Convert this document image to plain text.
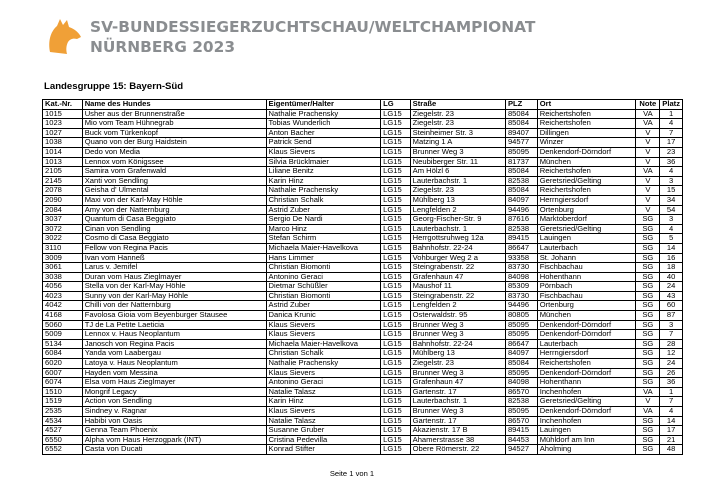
SV-BUNDESSIEGERZUCHTSCHAU/WELTCHAMPIONAT
NÜRNBERG 2023
Landesgruppe 15: Bayern-Süd
Kat.-Nr.	Name des Hundes	Eigentümer/Halter	LG	Straße	PLZ	Ort	Note	Platz
1015	Usher aus der Brunnenstraße	Nathalie Prachensky	LG15	Ziegelstr. 23	85084	Reichertshofen	VA	1
1023	Mio vom Team Hühnegrab	Tobias Wunderlich	LG15	Ziegelstr. 23	85084	Reichertshofen	VA	4
1027	Buck vom Türkenkopf	Anton Bacher	LG15	Steinheimer Str. 3	89407	Dillingen	V	7
1038	Quano von der Burg Haidstein	Patrick Send	LG15	Matzing 1 A	94577	Winzer	V	17
1014	Dedo von Media	Klaus Sievers	LG15	Brunner Weg 3	85095	Denkendorf-Dörndorf	V	23
1013	Lennox vom Königssee	Silvia Brücklmaier	LG15	Neubiberger Str. 11	81737	München	V	36
2105	Samira vom Grafenwald	Liliane Benitz	LG15	Am Hölzl 6	85084	Reichertshofen	VA	4
2145	Xanti von Sendling	Karin Hinz	LG15	Lauterbachstr. 1	82538	Geretsried/Gelting	V	3
2078	Geisha d' Ulmental	Nathalie Prachensky	LG15	Ziegelstr. 23	85084	Reichertshofen	V	15
2090	Maxi von der Karl-May Höhle	Christian Schalk	LG15	Mühlberg 13	84097	Herrngiersdorf	V	34
2084	Amy von der Natternburg	Astrid Zuber	LG15	Lengfelden 2	94496	Ortenburg	V	54
3037	Quantum di Casa Beggiato	Sergio De Nardi	LG15	Georg-Fischer-Str. 9	87616	Marktoberdorf	SG	3
3072	Cinan von Sendling	Marco Hinz	LG15	Lauterbachstr. 1	82538	Geretsried/Gelting	SG	4
3022	Cosmo di Casa Beggiato	Stefan Schirm	LG15	Herrgottsruhweg 12a	89415	Lauingen	SG	5
3110	Fellow von Regina Pacis	Michaela Maier-Havelkova	LG15	Bahnhofstr. 22-24	86647	Lauterbach	SG	14
3009	Ivan vom Hanneß	Hans Limmer	LG15	Vohburger Weg 2 a	93358	St. Johann	SG	16
3061	Larus v. Jemifel	Christian Biomonti	LG15	Steingrabenstr. 22	83730	Fischbachau	SG	18
3038	Duran vom Haus Zieglmayer	Antonino Geraci	LG15	Grafenhaun 47	84098	Hohenthann	SG	40
4056	Stella von der Karl-May Höhle	Dietmar Schüßler	LG15	Maushof 11	85309	Pörnbach	SG	24
4023	Sunny von der Karl-May Höhle	Christian Biomonti	LG15	Steingrabenstr. 22	83730	Fischbachau	SG	43
4042	Chilli von der Natternburg	Astrid Zuber	LG15	Lengfelden 2	94496	Ortenburg	SG	60
4168	Favolosa Gioia vom Beyenburger Stausee	Danica Krunic	LG15	Osterwaldstr. 95	80805	München	SG	87
5060	TJ de La Petite Laeticia	Klaus Sievers	LG15	Brunner Weg 3	85095	Denkendorf-Dörndorf	SG	3
5009	Lennox v. Haus Neoplantum	Klaus Sievers	LG15	Brunner Weg 3	85095	Denkendorf-Dörndorf	SG	7
5134	Janosch von Regina Pacis	Michaela Maier-Havelkova	LG15	Bahnhofstr. 22-24	86647	Lauterbach	SG	28
6084	Yanda vom Laabergau	Christian Schalk	LG15	Mühlberg 13	84097	Herrngiersdorf	SG	12
6020	Latoya v. Haus Neoplantum	Nathalie Prachensky	LG15	Ziegelstr. 23	85084	Reichertshofen	SG	24
6007	Hayden vom Messina	Klaus Sievers	LG15	Brunner Weg 3	85095	Denkendorf-Dörndorf	SG	26
6074	Elsa vom Haus Zieglmayer	Antonino Geraci	LG15	Grafenhaun 47	84098	Hohenthann	SG	36
1510	Mongrif Legacy	Natalie Talasz	LG15	Gartenstr. 17	86570	Inchenhofen	VA	1
1519	Action von Sendling	Karin Hinz	LG15	Lauterbachstr. 1	82538	Geretsried/Gelting	V	7
2535	Sindney v. Ragnar	Klaus Sievers	LG15	Brunner Weg 3	85095	Denkendorf-Dörndorf	VA	4
4534	Habibi von Oasis	Natalie Talasz	LG15	Gartenstr. 17	86570	Inchenhofen	SG	14
4527	Genna Team Phoenix	Susanne Gruber	LG15	Akazienstr. 17 B	89415	Lauingen	SG	17
6550	Alpha vom Haus Herzogpark (INT)	Cristina Pedevilla	LG15	Ahamerstrasse 38	84453	Mühldorf am Inn	SG	21
6552	Casta von Ducati	Konrad Stifter	LG15	Obere Römerstr. 22	94527	Aholming	SG	48
Seite 1 von 1
